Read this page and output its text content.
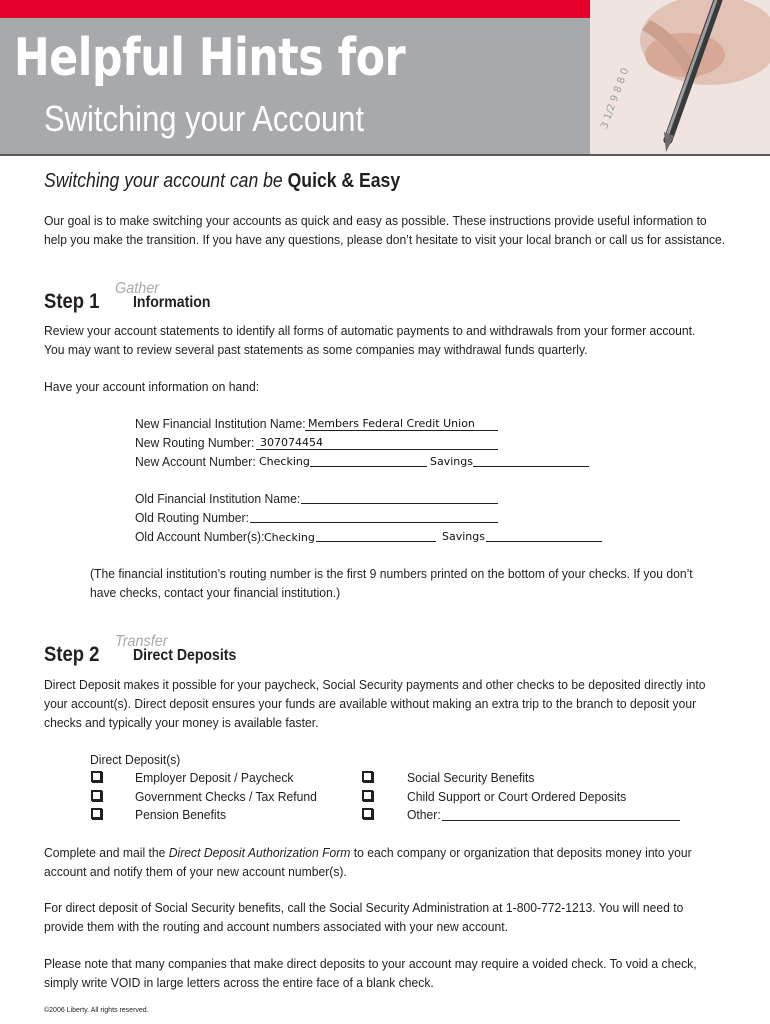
3 1/2 9 8 8 0
Helpful Hints for
Switching your Account
Switching your account can be Quick & Easy
Our goal is to make switching your accounts as quick and easy as possible. These instructions provide useful information to
help you make the transition. If you have any questions, please don’t hesitate to visit your local branch or call us for assistance.
Step 1
Gather
Information
Review your account statements to identify all forms of automatic payments to and withdrawals from your former account.
You may want to review several past statements as some companies may withdrawal funds quarterly.
Have your account information on hand:
New Financial Institution Name: Members Federal Credit Union
New Routing Number: 307074454
New Account Number: Checking	Savings
Old Financial Institution Name:
Old Routing Number:
Old Account Number(s): Checking	Savings
(The financial institution’s routing number is the first 9 numbers printed on the bottom of your checks. If you don’t
have checks, contact your financial institution.)
Step 2
Transfer
Direct Deposits
Direct Deposit makes it possible for your paycheck, Social Security payments and other checks to be deposited directly into
your account(s). Direct deposit ensures your funds are available without making an extra trip to the branch to deposit your
checks and typically your money is available faster.
Direct Deposit(s)
Employer Deposit / Paycheck
Government Checks / Tax Refund
Pension Benefits
Social Security Benefits
Child Support or Court Ordered Deposits
Other:
Complete and mail the Direct Deposit Authorization Form to each company or organization that deposits money into your
account and notify them of your new account number(s).
For direct deposit of Social Security benefits, call the Social Security Administration at 1-800-772-1213. You will need to
provide them with the routing and account numbers associated with your new account.
Please note that many companies that make direct deposits to your account may require a voided check. To void a check,
simply write VOID in large letters across the entire face of a blank check.
©2006 Liberty. All rights reserved.
